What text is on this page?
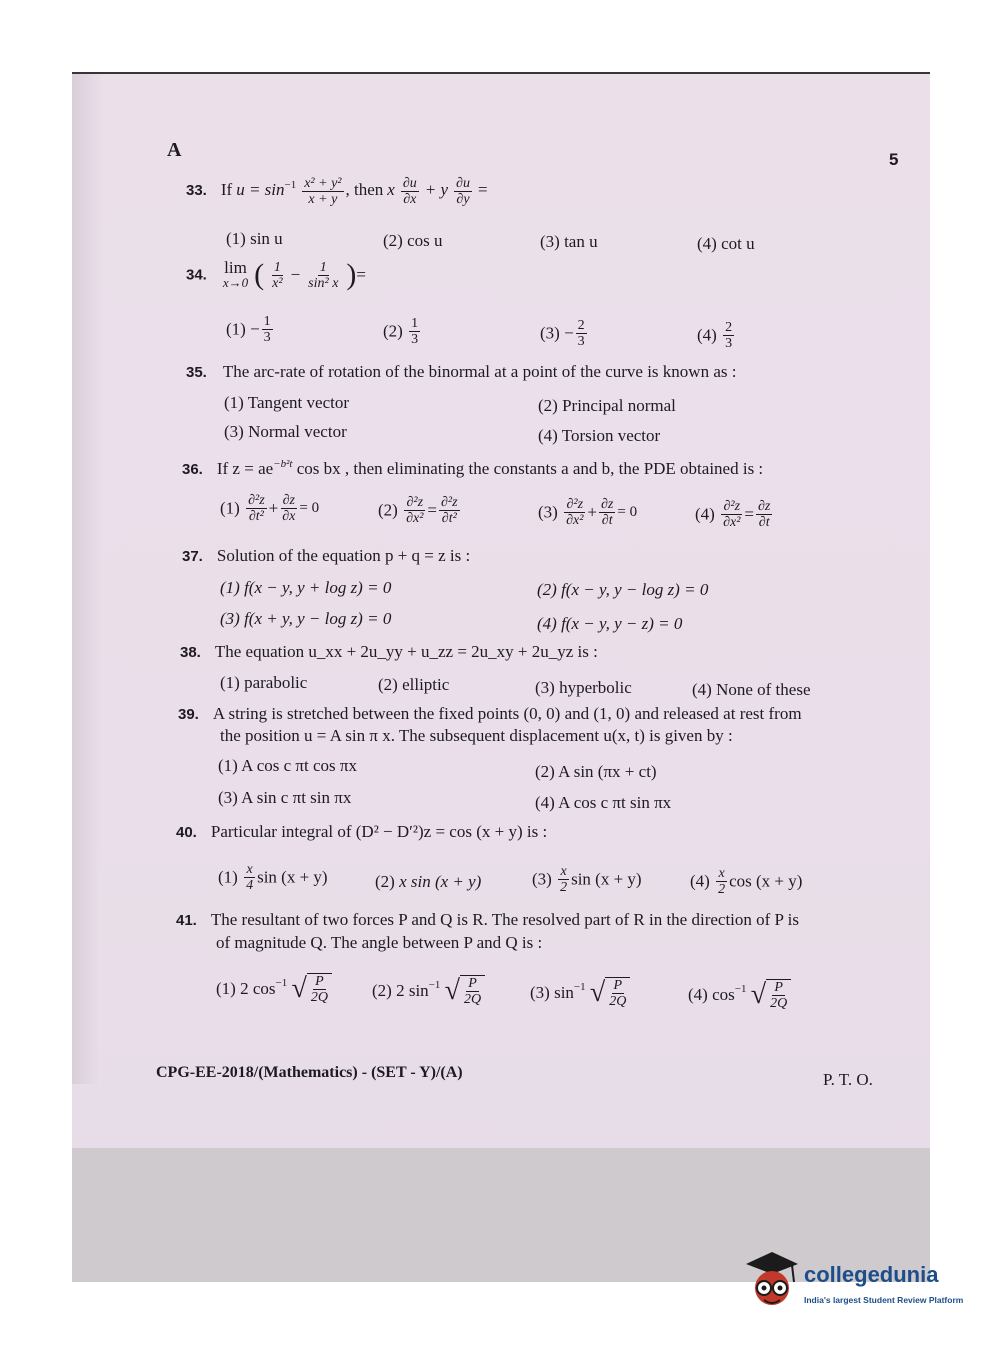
A	5
33. If $u = \sin^{-1} \frac{\text{x² + y²}}{x + y}$ , then x $\frac{\partial u}{\partial x} + y \frac{\partial u}{\partial y}$ =
(1) sin u	(2) cos u	(3) tan u	(4) cot u
34. lim
x→0 ( $\frac{1}{\text{x²}} - \frac{1}{\text{sin² x}}$ )=
$(1) - \frac{1}{3}$	$(2) \frac{1}{3}$	$(3) - \frac{2}{3}$	$(4) \frac{2}{3}$
35. The arc-rate of rotation of the binormal at a point of the curve is known as :
(1) Tangent vector	(2) Principal normal
(3) Normal vector	(4) Torsion vector
36. If $z = ae^{-b^2t}$ cos bx , then eliminating the constants a and b, the PDE obtained is :
$(1) \frac{\text{∂²z}}{\text{∂t²}} + \frac{\partial z}{\partial x} = 0$	$(2) \frac{\text{∂²z}}{\text{∂x²}} = \frac{\text{∂²z}}{\text{∂t²}}$	$(3) \frac{\text{∂²z}}{\text{∂x²}} + \frac{\partial z}{\partial t} = 0$	$(4) \frac{\text{∂²z}}{\text{∂x²}} = \frac{\partial z}{\partial t}$
37. Solution of the equation p + q = z is :
(1) f(x − y, y + log z) = 0	(2) f(x − y, y − log z) = 0
(3) f(x + y, y − log z) = 0	(4) f(x − y, y − z) = 0
38. The equation u_xx + 2u_yy + u_zz = 2u_xy + 2u_yz is :
(1) parabolic	(2) elliptic	(3) hyperbolic	(4) None of these
39. A string is stretched between the fixed points (0, 0) and (1, 0) and released at rest from
the position u = A sin π x. The subsequent displacement u(x, t) is given by :
(1) A cos c πt cos πx	(2) A sin (πx + ct)
(3) A sin c πt sin πx	(4) A cos c πt sin πx
40. Particular integral of (D² − D′²)z = cos (x + y) is :
$(1) \frac{x}{4}$ sin (x + y)	(2) x sin (x + y)	$(3) \frac{x}{2}$ sin (x + y)	$(4) \frac{x}{2}$ cos (x + y)
41. The resultant of two forces P and Q is R. The resolved part of R in the direction of P is
of magnitude Q. The angle between P and Q is :
(1) 2 $\cos^{-1}$ √ $\frac{P}{2Q} (2)$ 2 $\sin^{-1}$ √ $\frac{P}{2Q}$	(3) $\sin^{-1}$ √ $\frac{P}{2Q}$	(4) $\cos^{-1}$ √ $\frac{P}{2Q}$
CPG-EE-2018/(Mathematics) - (SET - Y)/(A)	P. T. O.
collegedunia
India's largest Student Review Platform
